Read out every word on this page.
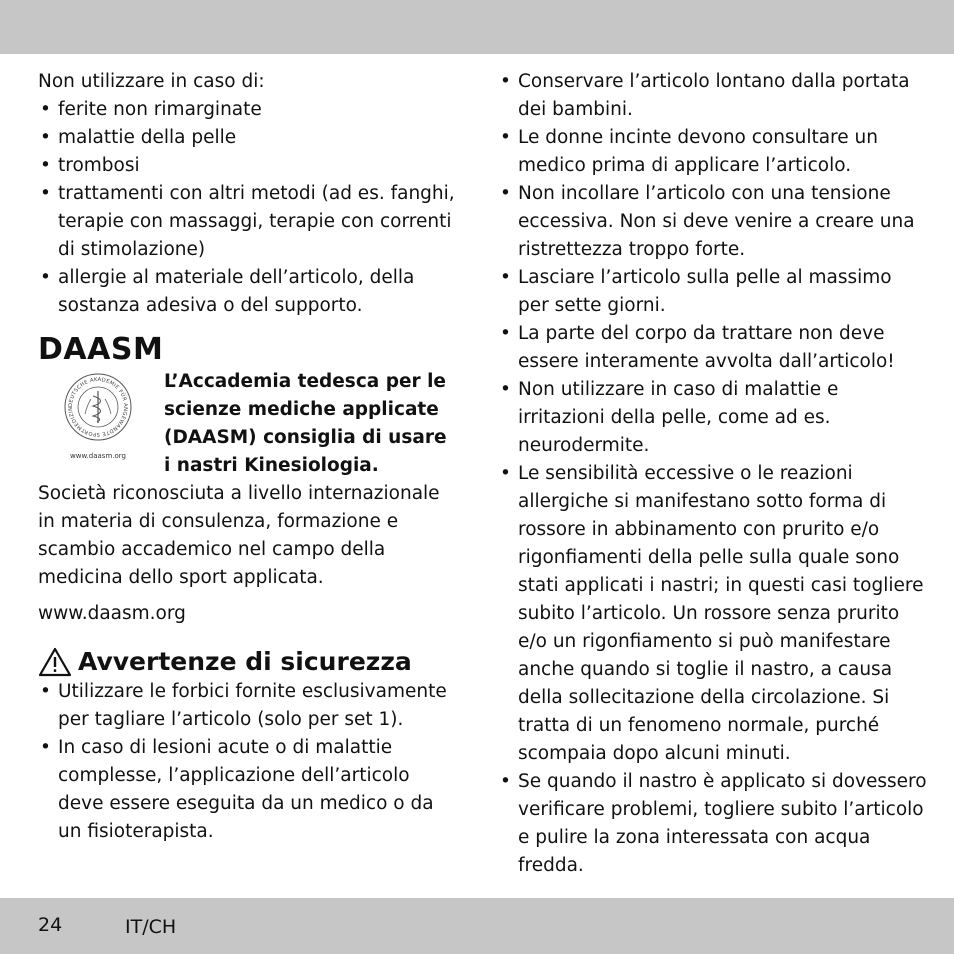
Non utilizzare in caso di:

• ferite non rimarginate
• malattie della pelle
• trombosi
• trattamenti con altri metodi (ad es. fanghi, terapie con massaggi, terapie con correnti di stimolazione)
• allergie al materiale dell’articolo, della sostanza adesiva o del supporto.
DAASM
DEUTSCHE AKADEMIE FÜR ANGEWANDTE SPORTMEDIZIN
www.daasm.org

L’Accademia tedesca per le scienze mediche applicate (DAASM) consiglia di usare i nastri Kinesiologia.

Società riconosciuta a livello internazionale in materia di consulenza, formazione e scambio accademico nel campo della medicina dello sport applicata.

www.daasm.org

Avvertenze di sicurezza
• Utilizzare le forbici fornite esclusivamente per tagliare l’articolo (solo per set 1).
• In caso di lesioni acute o di malattie complesse, l’applicazione dell’articolo deve essere eseguita da un medico o da un fisioterapista.
• Conservare l’articolo lontano dalla portata dei bambini.
• Le donne incinte devono consultare un medico prima di applicare l’articolo.
• Non incollare l’articolo con una tensione eccessiva. Non si deve venire a creare una ristrettezza troppo forte.
• Lasciare l’articolo sulla pelle al massimo per sette giorni.
• La parte del corpo da trattare non deve essere interamente avvolta dall’articolo!
• Non utilizzare in caso di malattie e irritazioni della pelle, come ad es. neurodermite.
• Le sensibilità eccessive o le reazioni allergiche si manifestano sotto forma di rossore in abbinamento con prurito e/o rigonfiamenti della pelle sulla quale sono stati applicati i nastri; in questi casi togliere subito l’articolo. Un rossore senza prurito e/o un rigonfiamento si può manifestare anche quando si toglie il nastro, a causa della sollecitazione della circolazione. Si tratta di un fenomeno normale, purché scompaia dopo alcuni minuti.
• Se quando il nastro è applicato si dovessero verificare problemi, togliere subito l’articolo e pulire la zona interessata con acqua fredda.
24	IT/CH
